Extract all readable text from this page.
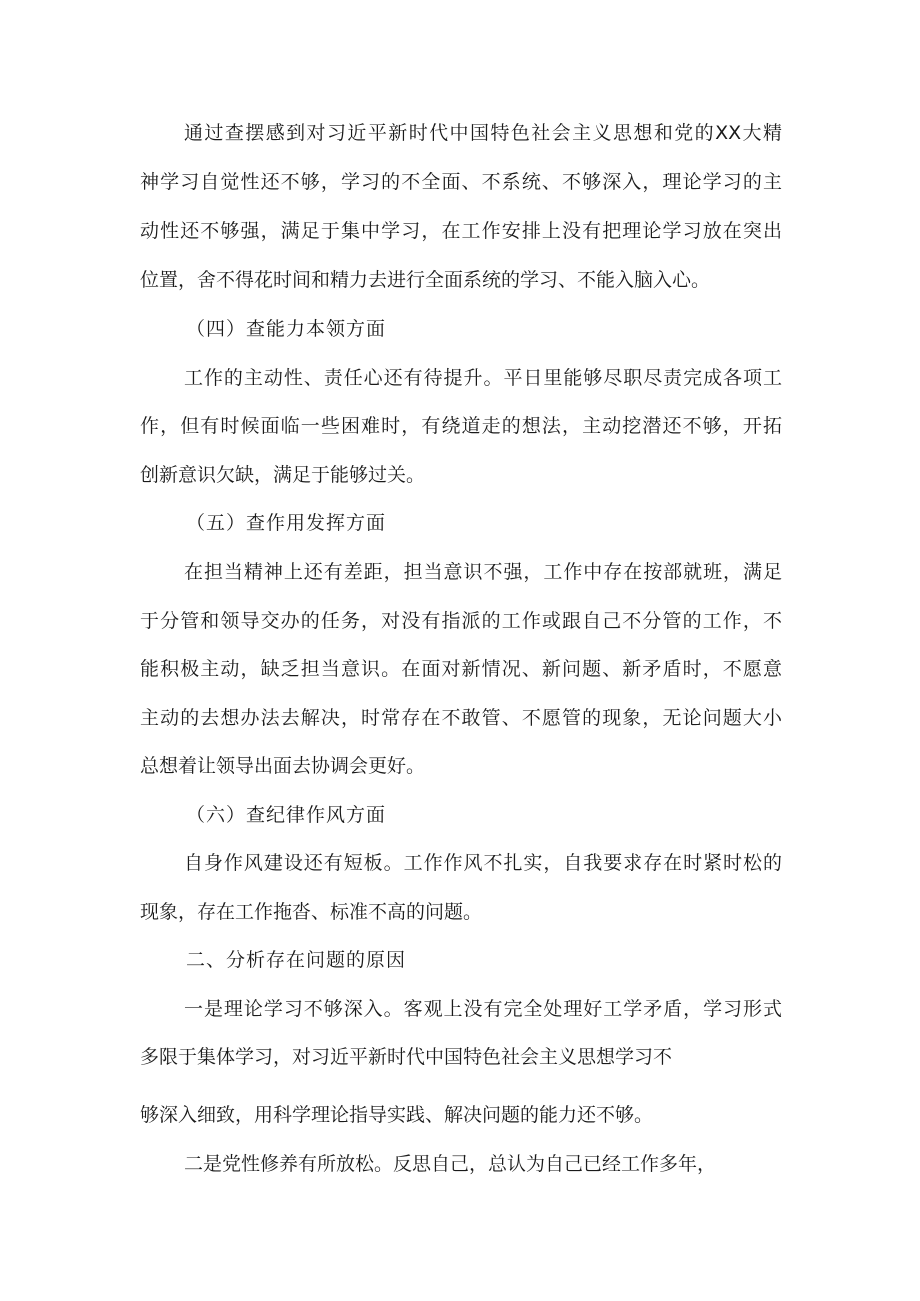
通过查摆感到对习近平新时代中国特色社会主义思想和党的XX大精
神学习自觉性还不够，学习的不全面、不系统、不够深入，理论学习的主
动性还不够强，满足于集中学习，在工作安排上没有把理论学习放在突出
位置，舍不得花时间和精力去进行全面系统的学习、不能入脑入心。
（四）查能力本领方面
工作的主动性、责任心还有待提升。平日里能够尽职尽责完成各项工
作，但有时候面临一些困难时，有绕道走的想法，主动挖潜还不够，开拓
创新意识欠缺，满足于能够过关。
（五）查作用发挥方面
在担当精神上还有差距，担当意识不强，工作中存在按部就班，满足
于分管和领导交办的任务，对没有指派的工作或跟自己不分管的工作，不
能积极主动，缺乏担当意识。在面对新情况、新问题、新矛盾时，不愿意
主动的去想办法去解决，时常存在不敢管、不愿管的现象，无论问题大小
总想着让领导出面去协调会更好。
（六）查纪律作风方面
自身作风建设还有短板。工作作风不扎实，自我要求存在时紧时松的
现象，存在工作拖沓、标准不高的问题。
二、分析存在问题的原因
一是理论学习不够深入。客观上没有完全处理好工学矛盾，学习形式
多限于集体学习，对习近平新时代中国特色社会主义思想学习不
够深入细致，用科学理论指导实践、解决问题的能力还不够。
二是党性修养有所放松。反思自己，总认为自己已经工作多年，
